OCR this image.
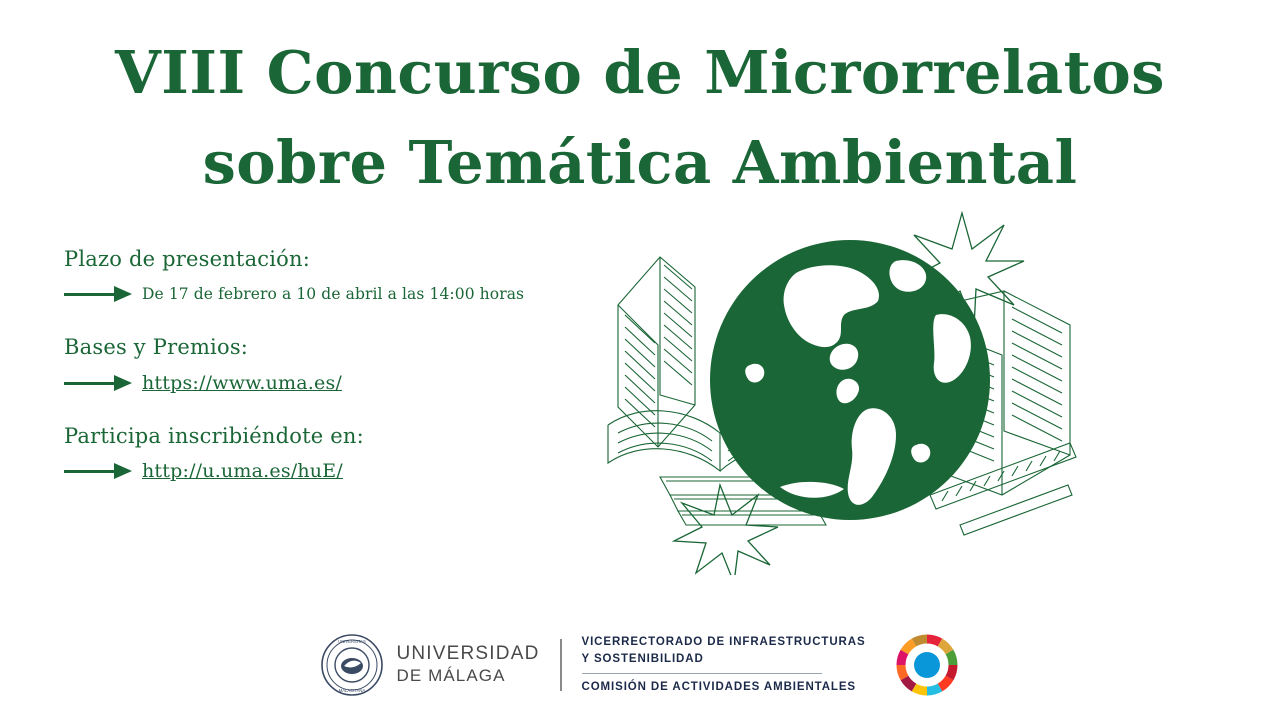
VIII Concurso de Microrrelatos
sobre Temática Ambiental
Plazo de presentación:
De 17 de febrero a 10 de abril a las 14:00 horas
Bases y Premios:
https://www.uma.es/
Participa inscribiéndote en:
http://u.uma.es/huE/
UNIVERSITAS
MALACITANA
UNIVERSIDAD
DE MÁLAGA
VICERRECTORADO DE INFRAESTRUCTURAS
Y SOSTENIBILIDAD
COMISIÓN DE ACTIVIDADES AMBIENTALES
